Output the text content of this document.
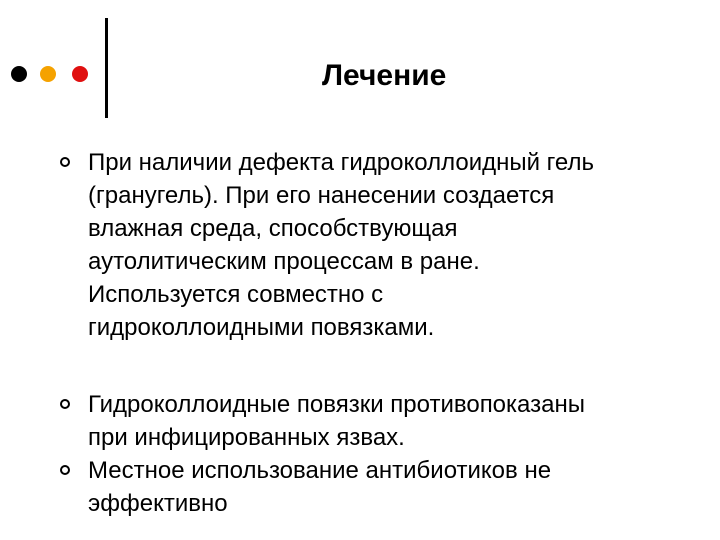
Лечение
При наличии дефекта гидроколлоидный гель
(гранугель). При его нанесении создается
влажная среда, способствующая
аутолитическим процессам в ране.
Используется совместно с
гидроколлоидными повязками.
Гидроколлоидные повязки противопоказаны
при инфицированных язвах.
Местное использование антибиотиков не
эффективно
